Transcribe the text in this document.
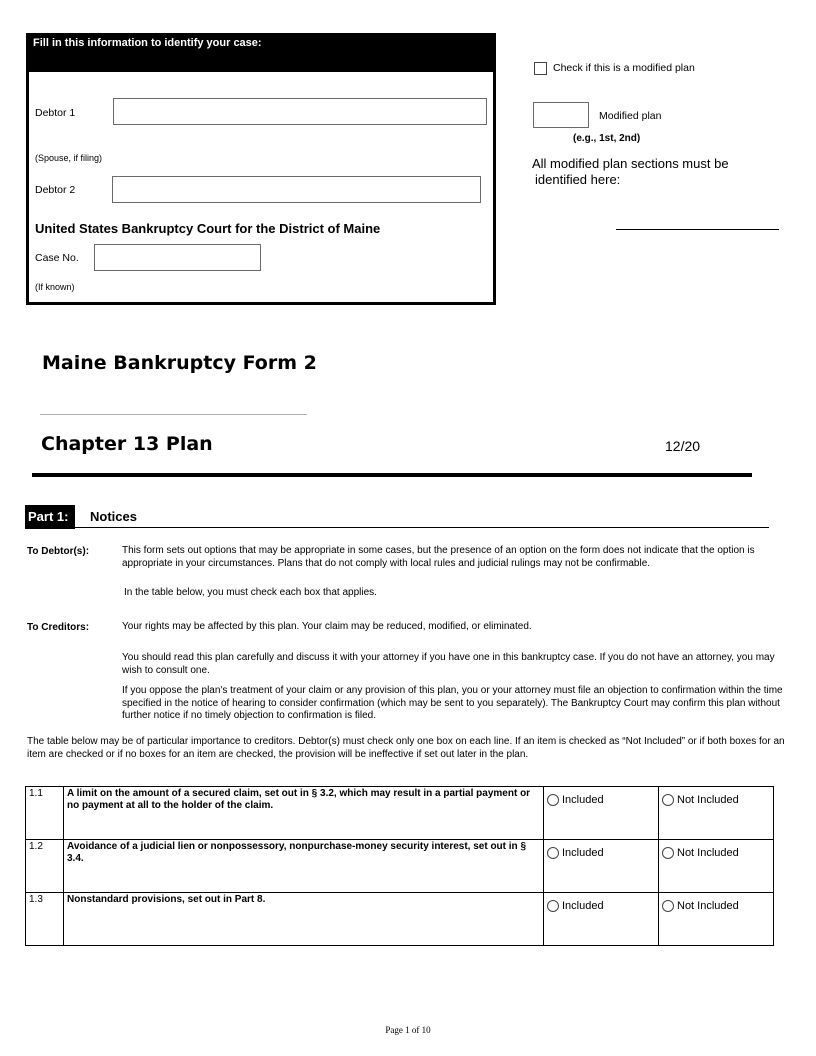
Fill in this information to identify your case:
Debtor 1
(Spouse, if filing)
Debtor 2
United States Bankruptcy Court for the District of Maine
Case No.
(If known)
Check if this is a modified plan
Modified plan
(e.g., 1st, 2nd)
All modified plan sections must be
identified here:
Maine Bankruptcy Form 2
Chapter 13 Plan	12/20
Part 1:	Notices
To Debtor(s):	This form sets out options that may be appropriate in some cases, but the presence of an option on the form does not indicate that the option is appropriate in your circumstances. Plans that do not comply with local rules and judicial rulings may not be confirmable.
In the table below, you must check each box that applies.
To Creditors:	Your rights may be affected by this plan. Your claim may be reduced, modified, or eliminated.
You should read this plan carefully and discuss it with your attorney if you have one in this bankruptcy case. If you do not have an attorney, you may wish to consult one.
If you oppose the plan's treatment of your claim or any provision of this plan, you or your attorney must file an objection to confirmation within the time specified in the notice of hearing to consider confirmation (which may be sent to you separately). The Bankruptcy Court may confirm this plan without further notice if no timely objection to confirmation is filed.
The table below may be of particular importance to creditors. Debtor(s) must check only one box on each line. If an item is checked as “Not Included” or if both boxes for an item are checked or if no boxes for an item are checked, the provision will be ineffective if set out later in the plan.
1.1	A limit on the amount of a secured claim, set out in § 3.2, which may result in a partial payment or no payment at all to the holder of the claim.	Included	Not Included

1.2	Avoidance of a judicial lien or nonpossessory, nonpurchase-money security interest, set out in § 3.4.	Included	Not Included

1.3	Nonstandard provisions, set out in Part 8.	Included	Not Included
Page 1 of 10
